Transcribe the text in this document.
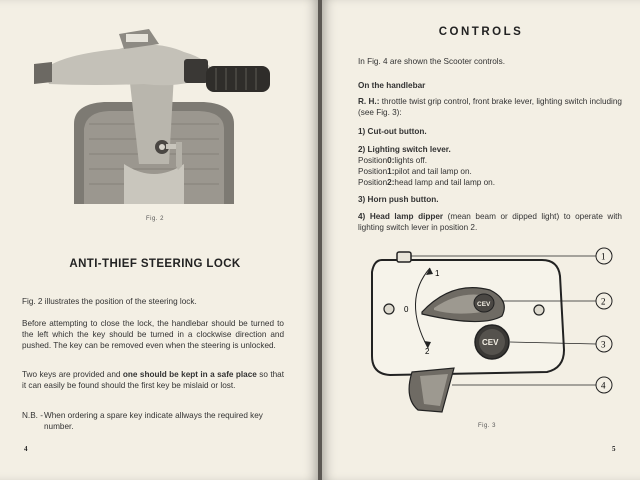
Fig. 2
ANTI-THIEF STEERING LOCK
Fig. 2 illustrates the position of the steering lock.
Before attempting to close the lock, the handlebar should be turned to the left which the key should be turned in a clockwise direction and pushed. The key can be removed even when the steering is unlocked.
Two keys are provided and one should be kept in a safe place so that it can easily be found should the first key be mislaid or lost.
N.B. - When ordering a spare key indicate allways the required key number.
4
CONTROLS
In Fig. 4 are shown the Scooter controls.
On the handlebar
R. H.: throttle twist grip control, front brake lever, lighting switch including (see Fig. 3):
1) Cut-out button.
2) Lighting switch lever.
Position 0: lights off.
Position 1: pilot and tail lamp on.
Position 2: head lamp and tail lamp on.
3) Horn push button.
4) Head lamp dipper (mean beam or dipped light) to operate with lighting switch lever in position 2.
1
0
2
CEV
CEV
1
2
3
4
Fig. 3
5
